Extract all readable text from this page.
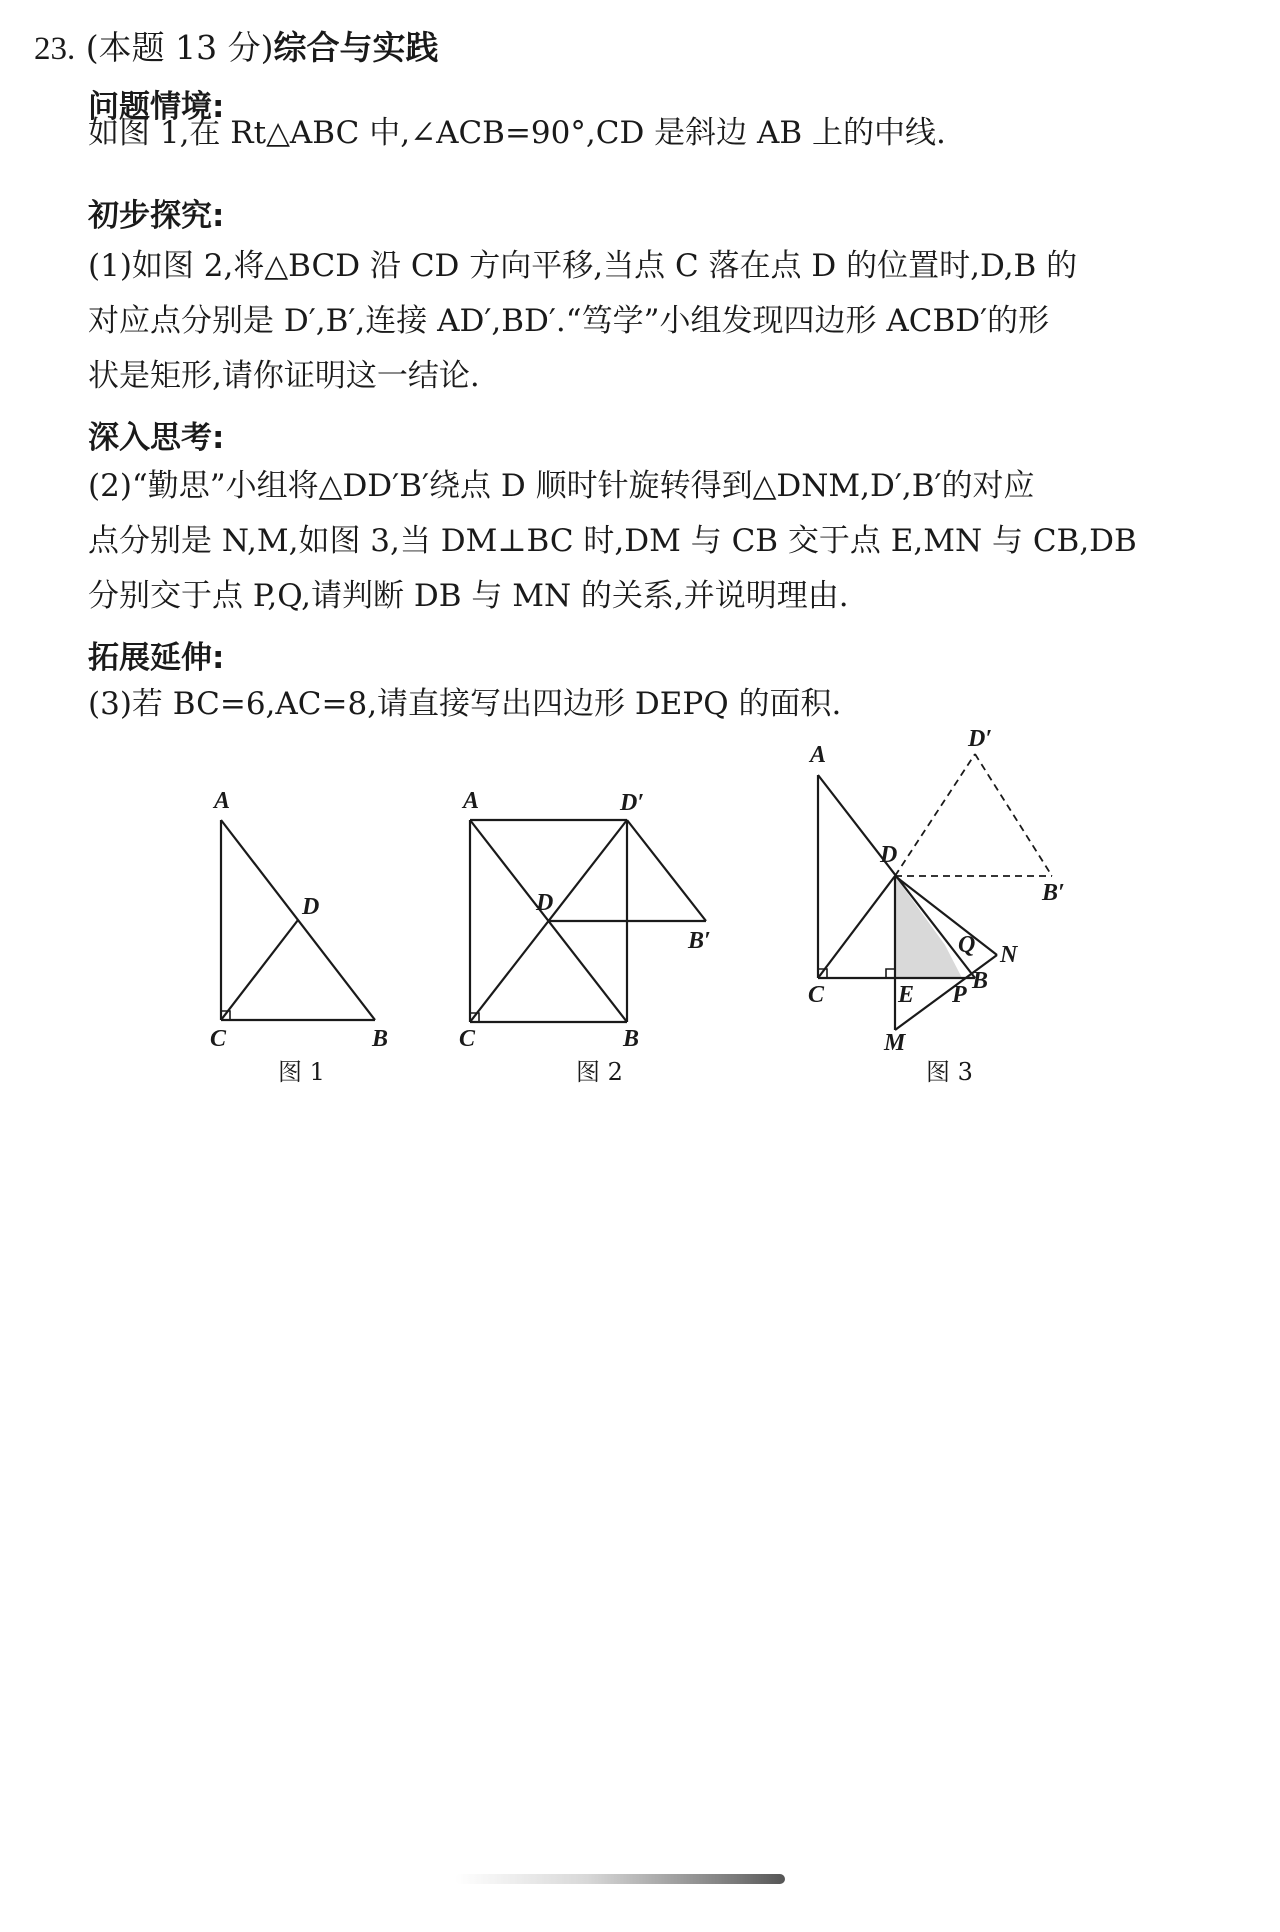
23. (本题 13 分)综合与实践
问题情境:
如图 1,在 Rt△ABC 中,∠ACB=90°,CD 是斜边 AB 上的中线.
初步探究:
(1)如图 2,将△BCD 沿 CD 方向平移,当点 C 落在点 D 的位置时,D,B 的
对应点分别是 D′,B′,连接 AD′,BD′.“笃学”小组发现四边形 ACBD′的形
状是矩形,请你证明这一结论.
深入思考:
(2)“勤思”小组将△DD′B′绕点 D 顺时针旋转得到△DNM,D′,B′的对应
点分别是 N,M,如图 3,当 DM⊥BC 时,DM 与 CB 交于点 E,MN 与 CB,DB
分别交于点 P,Q,请判断 DB 与 MN 的关系,并说明理由.
拓展延伸:
(3)若 BC=6,AC=8,请直接写出四边形 DEPQ 的面积.
A
D
C	B
图 1
A	D′
D
B′
C	B
图 2
A
D′
D
B′
Q N
B
C	E P
M
图 3
